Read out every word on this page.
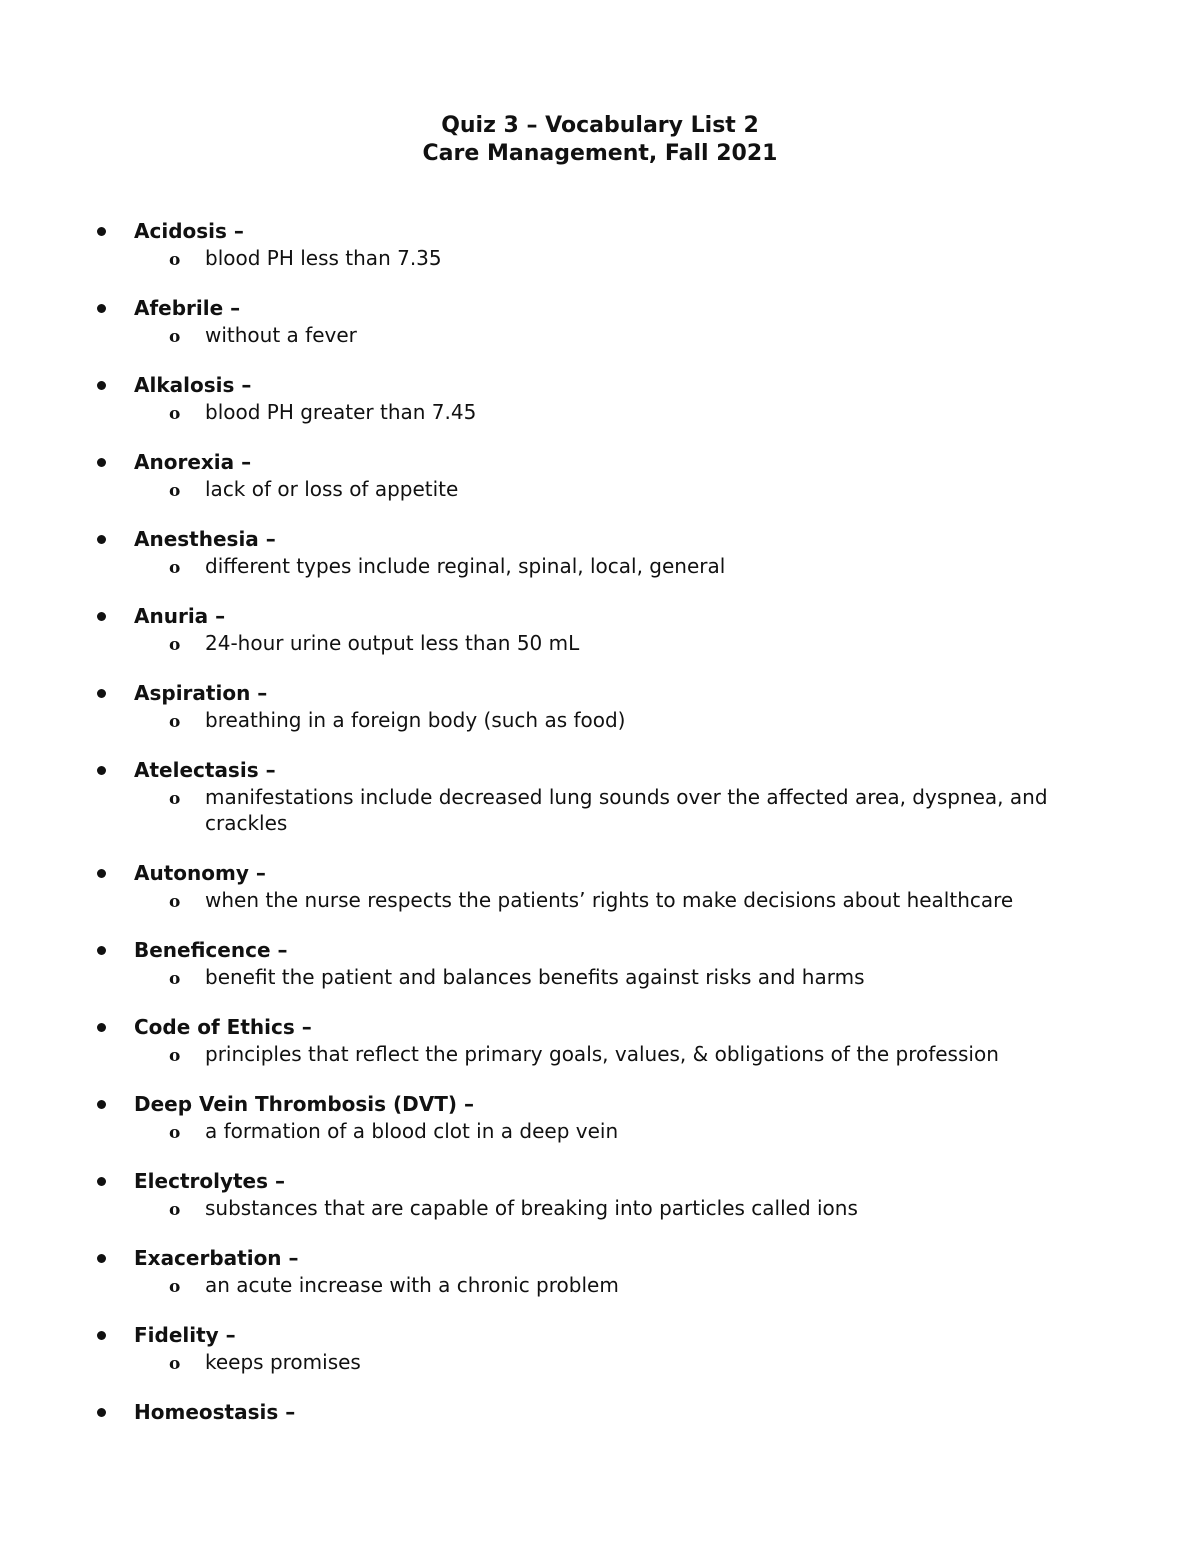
Quiz 3 – Vocabulary List 2
Care Management, Fall 2021
Acidosis –
o blood PH less than 7.35
Afebrile –
o without a fever
Alkalosis –
o blood PH greater than 7.45
Anorexia –
o lack of or loss of appetite
Anesthesia –
o different types include reginal, spinal, local, general
Anuria –
o 24-hour urine output less than 50 mL
Aspiration –
o breathing in a foreign body (such as food)
Atelectasis –
o manifestations include decreased lung sounds over the affected area, dyspnea, and crackles
Autonomy –
o when the nurse respects the patients’ rights to make decisions about healthcare
Beneficence –
o benefit the patient and balances benefits against risks and harms
Code of Ethics –
o principles that reflect the primary goals, values, & obligations of the profession
Deep Vein Thrombosis (DVT) –
o a formation of a blood clot in a deep vein
Electrolytes –
o substances that are capable of breaking into particles called ions
Exacerbation –
o an acute increase with a chronic problem
Fidelity –
o keeps promises
Homeostasis –
